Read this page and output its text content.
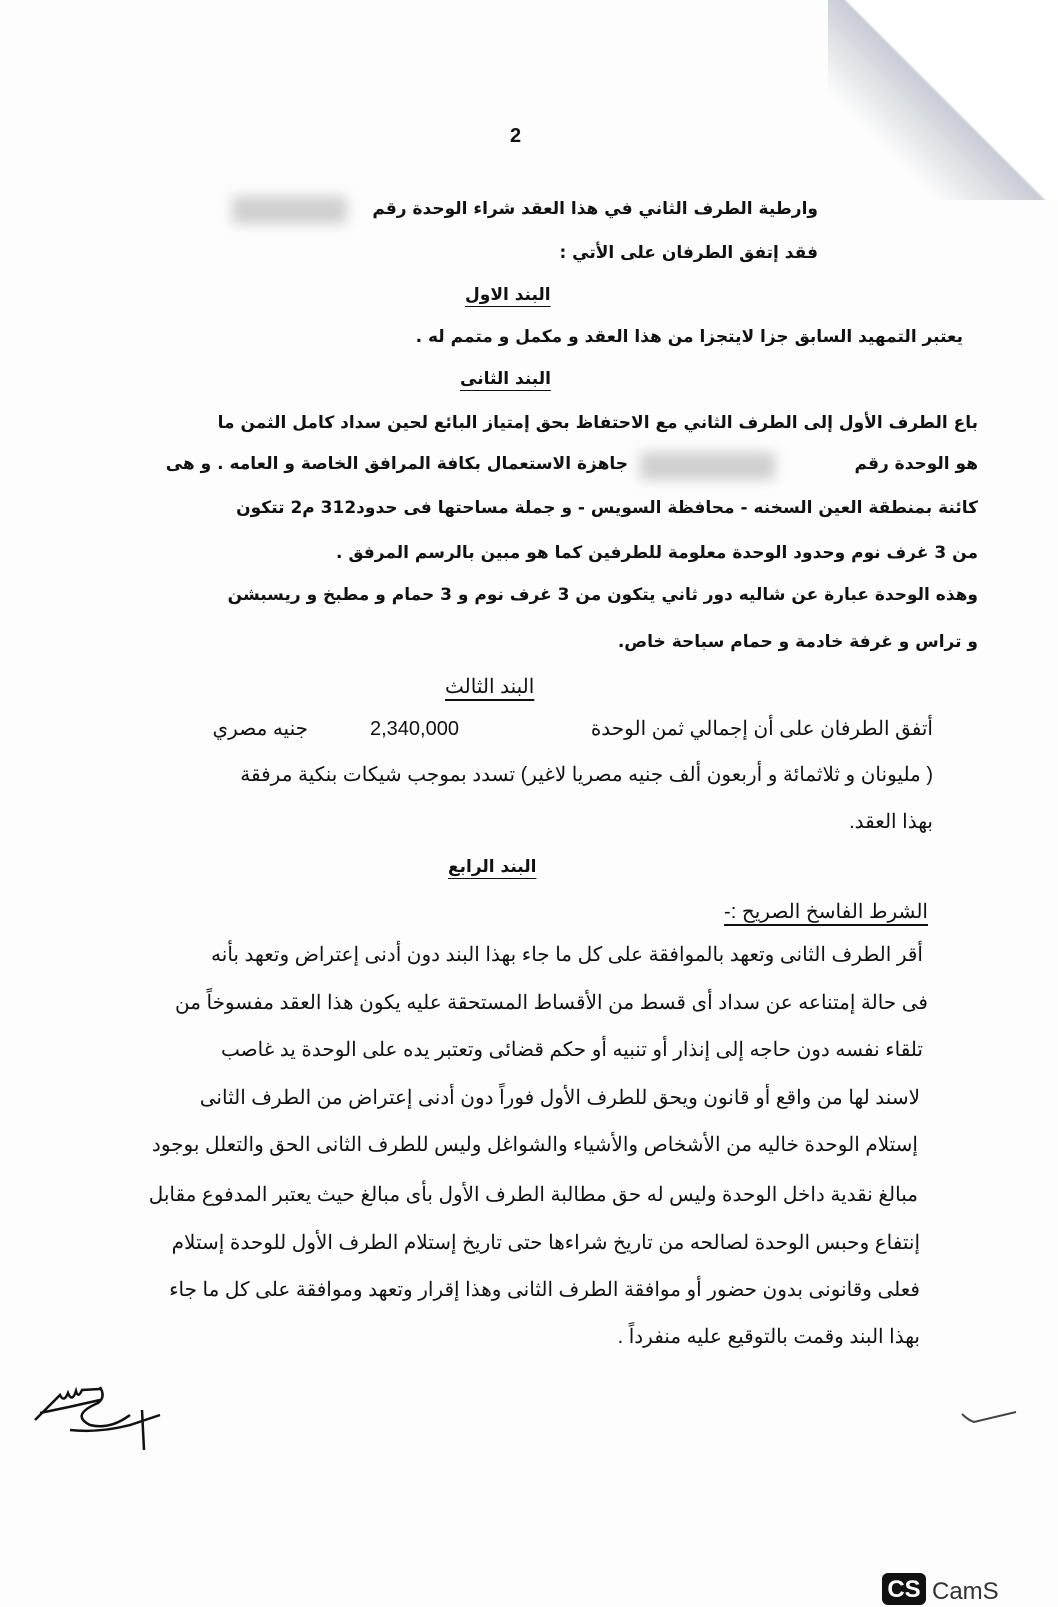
2
وارطية الطرف الثاني في هذا العقد شراء الوحدة رقم
فقد إتفق الطرفان على الأتي :
البند الاول
يعتبر التمهيد السابق جزا لايتجزا من هذا العقد و مكمل و متمم له .
البند الثانى
باع الطرف الأول إلى الطرف الثاني مع الاحتفاظ بحق إمتياز البائع لحين سداد كامل الثمن ما
هو الوحدة رقم
جاهزة الاستعمال بكافة المرافق الخاصة و العامه . و هى
كائنة بمنطقة العين السخنه - محافظة السويس - و جملة مساحتها فى حدود312 م2 تتكون
من 3 غرف نوم وحدود الوحدة معلومة للطرفين كما هو مبين بالرسم المرفق .
وهذه الوحدة عبارة عن شاليه دور ثاني يتكون من 3 غرف نوم و 3 حمام و مطبخ و ريسبشن
و تراس و غرفة خادمة و حمام سباحة خاص.
البند الثالث
أتفق الطرفان على أن إجمالي ثمن الوحدة
2,340,000
جنيه مصري
( مليونان و ثلاثمائة و أربعون ألف جنيه مصريا لاغير) تسدد بموجب شيكات بنكية مرفقة
بهذا العقد.
البند الرابع
الشرط الفاسخ الصريح :-
أقر الطرف الثانى وتعهد بالموافقة على كل ما جاء بهذا البند دون أدنى إعتراض وتعهد بأنه
فى حالة إمتناعه عن سداد أى قسط من الأقساط المستحقة عليه يكون هذا العقد مفسوخاً من
تلقاء نفسه دون حاجه إلى إنذار أو تنبيه أو حكم قضائى وتعتبر يده على الوحدة يد غاصب
لاسند لها من واقع أو قانون ويحق للطرف الأول فوراً دون أدنى إعتراض من الطرف الثانى
إستلام الوحدة خاليه من الأشخاص والأشياء والشواغل وليس للطرف الثانى الحق والتعلل بوجود
مبالغ نقدية داخل الوحدة وليس له حق مطالبة الطرف الأول بأى مبالغ حيث يعتبر المدفوع مقابل
إنتفاع وحبس الوحدة لصالحه من تاريخ شراءها حتى تاريخ إستلام الطرف الأول للوحدة إستلام
فعلى وقانونى بدون حضور أو موافقة الطرف الثانى وهذا إقرار وتعهد وموافقة على كل ما جاء
بهذا البند وقمت بالتوقيع عليه منفرداً .
CS CamS
